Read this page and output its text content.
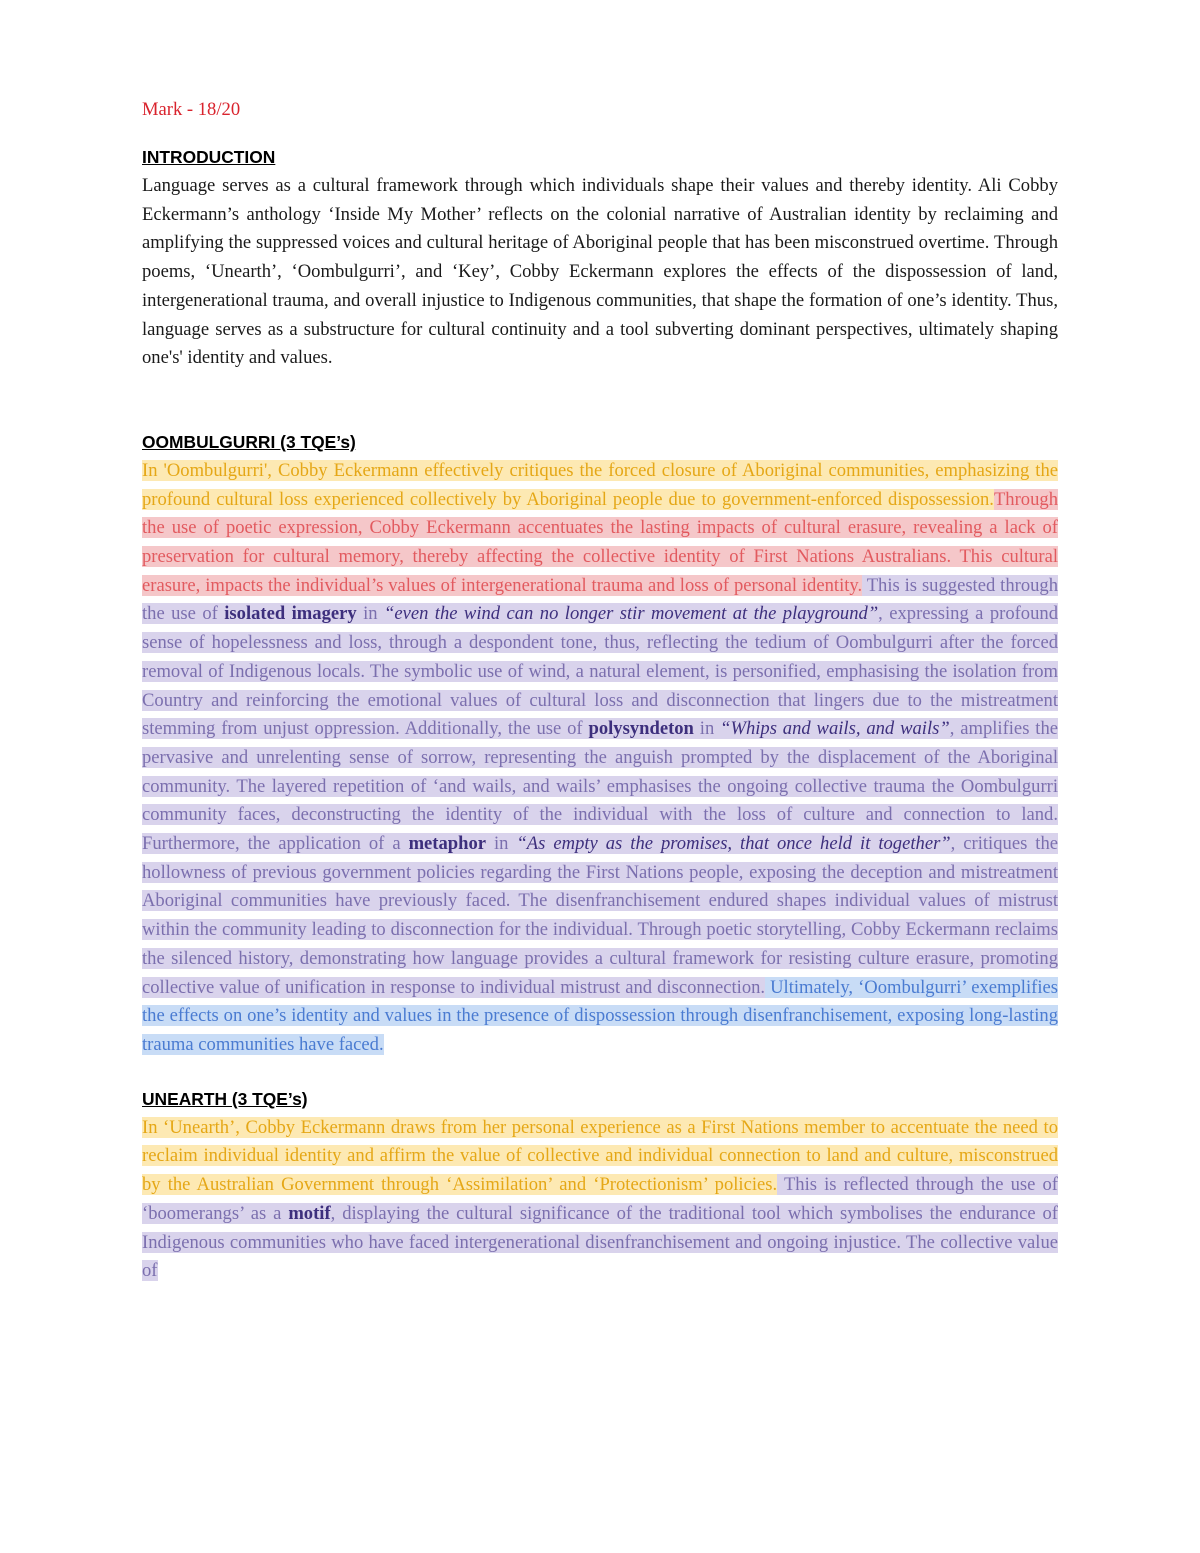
Mark - 18/20

INTRODUCTION

Language serves as a cultural framework through which individuals shape their values and thereby identity. Ali Cobby Eckermann’s anthology ‘Inside My Mother’ reflects on the colonial narrative of Australian identity by reclaiming and amplifying the suppressed voices and cultural heritage of Aboriginal people that has been misconstrued overtime. Through poems, ‘Unearth’, ‘Oombulgurri’, and ‘Key’, Cobby Eckermann explores the effects of the dispossession of land, intergenerational trauma, and overall injustice to Indigenous communities, that shape the formation of one’s identity. Thus, language serves as a substructure for cultural continuity and a tool subverting dominant perspectives, ultimately shaping one's' identity and values.

OOMBULGURRI (3 TQE’s)

In 'Oombulgurri', Cobby Eckermann effectively critiques the forced closure of Aboriginal communities, emphasizing the profound cultural loss experienced collectively by Aboriginal people due to government-enforced dispossession.Through the use of poetic expression, Cobby Eckermann accentuates the lasting impacts of cultural erasure, revealing a lack of preservation for cultural memory, thereby affecting the collective identity of First Nations Australians. This cultural erasure, impacts the individual’s values of intergenerational trauma and loss of personal identity. This is suggested through the use of isolated imagery in “even the wind can no longer stir movement at the playground”, expressing a profound sense of hopelessness and loss, through a despondent tone, thus, reflecting the tedium of Oombulgurri after the forced removal of Indigenous locals. The symbolic use of wind, a natural element, is personified, emphasising the isolation from Country and reinforcing the emotional values of cultural loss and disconnection that lingers due to the mistreatment stemming from unjust oppression. Additionally, the use of polysyndeton in “Whips and wails, and wails”, amplifies the pervasive and unrelenting sense of sorrow, representing the anguish prompted by the displacement of the Aboriginal community. The layered repetition of ‘and wails, and wails’ emphasises the ongoing collective trauma the Oombulgurri community faces, deconstructing the identity of the individual with the loss of culture and connection to land. Furthermore, the application of a metaphor in “As empty as the promises, that once held it together”, critiques the hollowness of previous government policies regarding the First Nations people, exposing the deception and mistreatment Aboriginal communities have previously faced. The disenfranchisement endured shapes individual values of mistrust within the community leading to disconnection for the individual. Through poetic storytelling, Cobby Eckermann reclaims the silenced history, demonstrating how language provides a cultural framework for resisting culture erasure, promoting collective value of unification in response to individual mistrust and disconnection. Ultimately, ‘Oombulgurri’ exemplifies the effects on one’s identity and values in the presence of dispossession through disenfranchisement, exposing long-lasting trauma communities have faced.

UNEARTH (3 TQE’s)

In ‘Unearth’, Cobby Eckermann draws from her personal experience as a First Nations member to accentuate the need to reclaim individual identity and affirm the value of collective and individual connection to land and culture, misconstrued by the Australian Government through ‘Assimilation’ and ‘Protectionism’ policies. This is reflected through the use of ‘boomerangs’ as a motif, displaying the cultural significance of the traditional tool which symbolises the endurance of Indigenous communities who have faced intergenerational disenfranchisement and ongoing injustice. The collective value of
